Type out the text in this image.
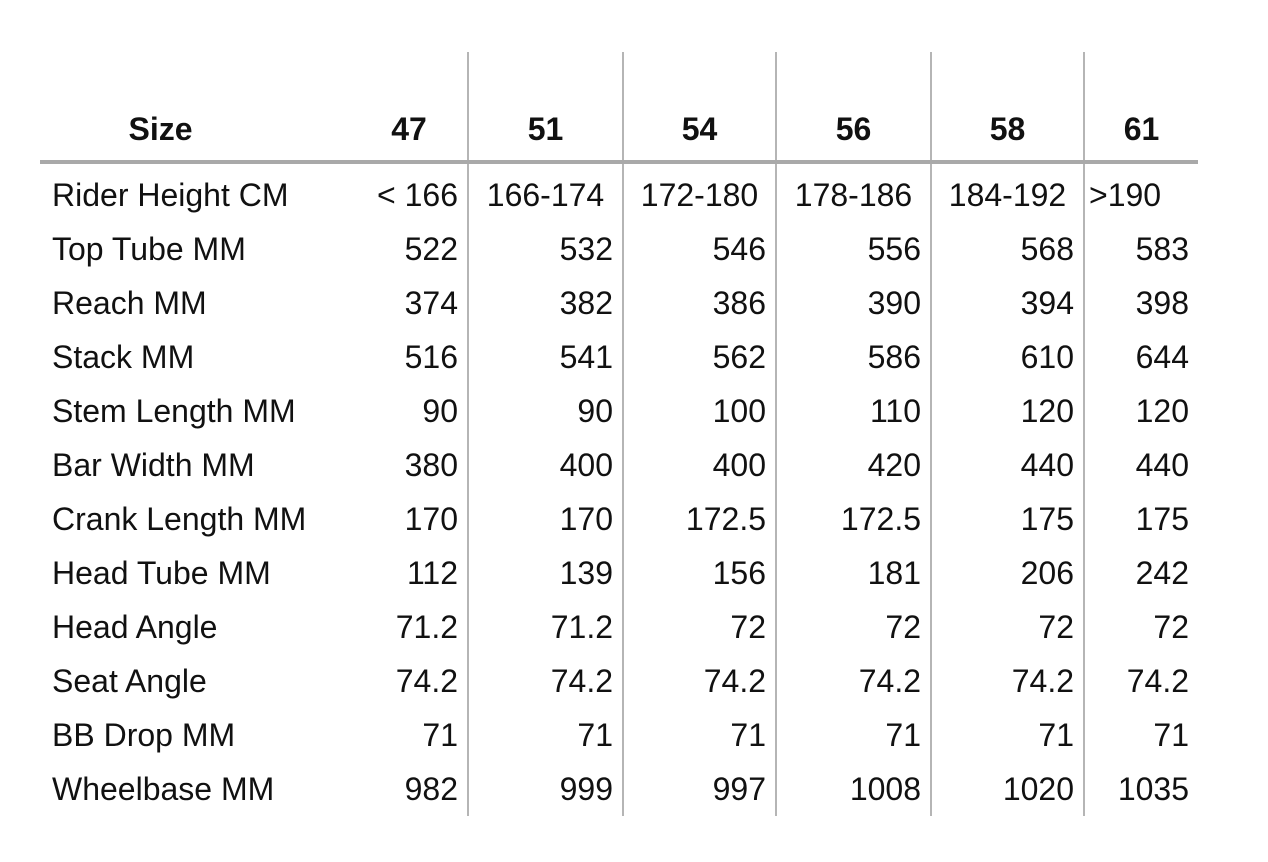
Size	47	51	54	56	58	61
Rider Height CM	< 166	166-174	172-180	178-186	184-192	>190
Top Tube MM	522	532	546	556	568	583
Reach MM	374	382	386	390	394	398
Stack MM	516	541	562	586	610	644
Stem Length MM	90	90	100	110	120	120
Bar Width MM	380	400	400	420	440	440
Crank Length MM	170	170	172.5	172.5	175	175
Head Tube MM	112	139	156	181	206	242
Head Angle	71.2	71.2	72	72	72	72
Seat Angle	74.2	74.2	74.2	74.2	74.2	74.2
BB Drop MM	71	71	71	71	71	71
Wheelbase MM	982	999	997	1008	1020	1035
